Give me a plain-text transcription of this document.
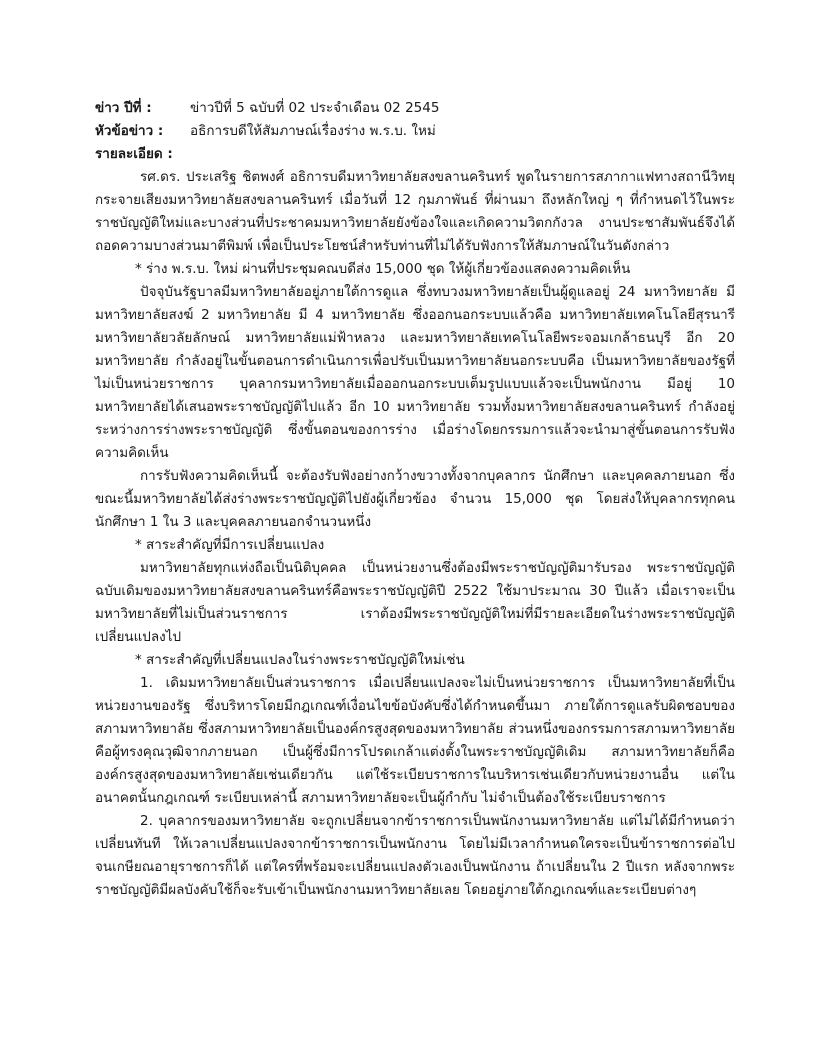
ข่าว ปีที่ :	ข่าวปีที่ 5 ฉบับที่ 02 ประจำเดือน 02 2545
หัวข้อข่าว :	อธิการบดีให้สัมภาษณ์เรื่องร่าง พ.ร.บ. ใหม่
รายละเอียด :

รศ.ดร. ประเสริฐ ชิตพงศ์ อธิการบดีมหาวิทยาลัยสงขลานครินทร์ พูดในรายการสภากาแฟทางสถานีวิทยุกระจายเสียงมหาวิทยาลัยสงขลานครินทร์ เมื่อวันที่ 12 กุมภาพันธ์ ที่ผ่านมา ถึงหลักใหญ่ ๆ ที่กำหนดไว้ในพระราชบัญญัติใหม่และบางส่วนที่ประชาคมมหาวิทยาลัยยังข้องใจและเกิดความวิตกกังวล งานประชาสัมพันธ์จึงได้ถอดความบางส่วนมาตีพิมพ์ เพื่อเป็นประโยชน์สำหรับท่านที่ไม่ได้รับฟังการให้สัมภาษณ์ในวันดังกล่าว

* ร่าง พ.ร.บ. ใหม่ ผ่านที่ประชุมคณบดีส่ง 15,000 ชุด ให้ผู้เกี่ยวข้องแสดงความคิดเห็น

ปัจจุบันรัฐบาลมีมหาวิทยาลัยอยู่ภายใต้การดูแล ซึ่งทบวงมหาวิทยาลัยเป็นผู้ดูแลอยู่ 24 มหาวิทยาลัย มีมหาวิทยาลัยสงฆ์ 2 มหาวิทยาลัย มี 4 มหาวิทยาลัย ซึ่งออกนอกระบบแล้วคือ มหาวิทยาลัยเทคโนโลยีสุรนารี มหาวิทยาลัยวลัยลักษณ์ มหาวิทยาลัยแม่ฟ้าหลวง และมหาวิทยาลัยเทคโนโลยีพระจอมเกล้าธนบุรี อีก 20 มหาวิทยาลัย กำลังอยู่ในขั้นตอนการดำเนินการเพื่อปรับเป็นมหาวิทยาลัยนอกระบบคือ เป็นมหาวิทยาลัยของรัฐที่ไม่เป็นหน่วยราชการ บุคลากรมหาวิทยาลัยเมื่อออกนอกระบบเต็มรูปแบบแล้วจะเป็นพนักงาน มีอยู่ 10 มหาวิทยาลัยได้เสนอพระราชบัญญัติไปแล้ว อีก 10 มหาวิทยาลัย รวมทั้งมหาวิทยาลัยสงขลานครินทร์ กำลังอยู่ระหว่างการร่างพระราชบัญญัติ ซึ่งขั้นตอนของการร่าง เมื่อร่างโดยกรรมการแล้วจะนำมาสู่ขั้นตอนการรับฟังความคิดเห็น

การรับฟังความคิดเห็นนี้ จะต้องรับฟังอย่างกว้างขวางทั้งจากบุคลากร นักศึกษา และบุคคลภายนอก ซึ่งขณะนี้มหาวิทยาลัยได้ส่งร่างพระราชบัญญัติไปยังผู้เกี่ยวข้อง จำนวน 15,000 ชุด โดยส่งให้บุคลากรทุกคน นักศึกษา 1 ใน 3 และบุคคลภายนอกจำนวนหนึ่ง

* สาระสำคัญที่มีการเปลี่ยนแปลง

มหาวิทยาลัยทุกแห่งถือเป็นนิติบุคคล เป็นหน่วยงานซึ่งต้องมีพระราชบัญญัติมารับรอง พระราชบัญญัติฉบับเดิมของมหาวิทยาลัยสงขลานครินทร์คือพระราชบัญญัติปี 2522 ใช้มาประมาณ 30 ปีแล้ว เมื่อเราจะเป็นมหาวิทยาลัยที่ไม่เป็นส่วนราชการ เราต้องมีพระราชบัญญัติใหม่ที่มีรายละเอียดในร่างพระราชบัญญัติเปลี่ยนแปลงไป

* สาระสำคัญที่เปลี่ยนแปลงในร่างพระราชบัญญัติใหม่เช่น

1. เดิมมหาวิทยาลัยเป็นส่วนราชการ เมื่อเปลี่ยนแปลงจะไม่เป็นหน่วยราชการ เป็นมหาวิทยาลัยที่เป็นหน่วยงานของรัฐ ซึ่งบริหารโดยมีกฎเกณฑ์เงื่อนไขข้อบังคับซึ่งได้กำหนดขึ้นมา ภายใต้การดูแลรับผิดชอบของสภามหาวิทยาลัย ซึ่งสภามหาวิทยาลัยเป็นองค์กรสูงสุดของมหาวิทยาลัย ส่วนหนึ่งของกรรมการสภามหาวิทยาลัยคือผู้ทรงคุณวุฒิจากภายนอก เป็นผู้ซึ่งมีการโปรดเกล้าแต่งตั้งในพระราชบัญญัติเดิม สภามหาวิทยาลัยก็คือ องค์กรสูงสุดของมหาวิทยาลัยเช่นเดียวกัน แต่ใช้ระเบียบราชการในบริหารเช่นเดียวกับหน่วยงานอื่น แต่ในอนาคตนั้นกฎเกณฑ์ ระเบียบเหล่านี้ สภามหาวิทยาลัยจะเป็นผู้กำกับ ไม่จำเป็นต้องใช้ระเบียบราชการ

2. บุคลากรของมหาวิทยาลัย จะถูกเปลี่ยนจากข้าราชการเป็นพนักงานมหาวิทยาลัย แต่ไม่ได้มีกำหนดว่าเปลี่ยนทันที ให้เวลาเปลี่ยนแปลงจากข้าราชการเป็นพนักงาน โดยไม่มีเวลากำหนดใครจะเป็นข้าราชการต่อไปจนเกษียณอายุราชการก็ได้ แต่ใครที่พร้อมจะเปลี่ยนแปลงตัวเองเป็นพนักงาน ถ้าเปลี่ยนใน 2 ปีแรก หลังจากพระราชบัญญัติมีผลบังคับใช้ก็จะรับเข้าเป็นพนักงานมหาวิทยาลัยเลย โดยอยู่ภายใต้กฎเกณฑ์และระเบียบต่างๆ
